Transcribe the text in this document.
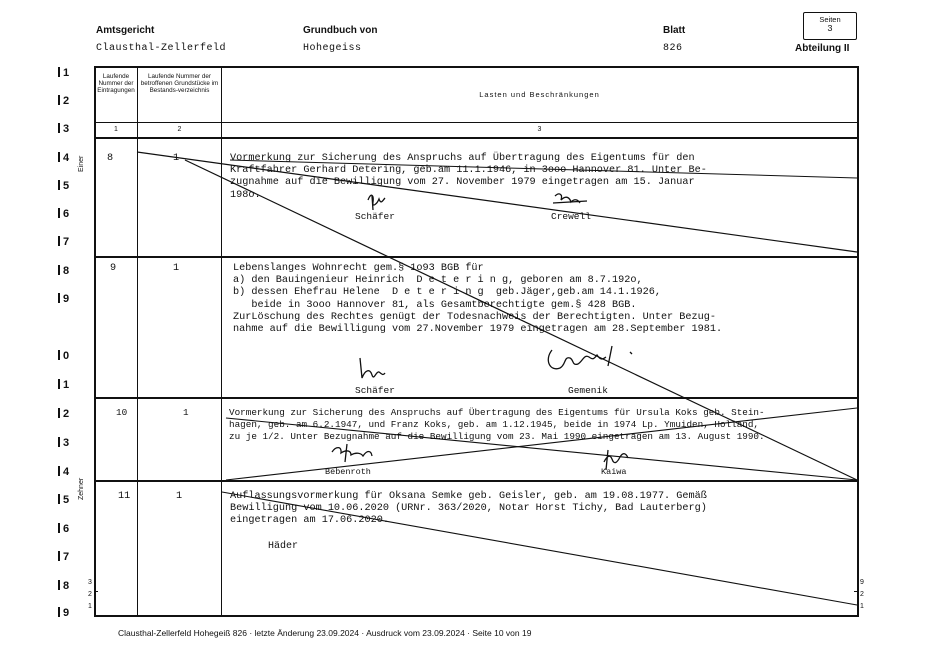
Amtsgericht
Clausthal-Zellerfeld
Grundbuch von
Hohegeiss
Blatt
826	Abteilung II
Seiten
3
1
2
3
4
5
6
7
8
9
0
1
2
3
4
5
6
7
8
9
3
2
1
9
2
1
Einer
Zehner
Laufende Nummer der Eintragungen
Laufende Nummer der betroffenen Grundstücke im Bestands-verzeichnis	Lasten und Beschränkungen
1	2	3
8	1	Vormerkung zur Sicherung des Anspruchs auf Übertragung des Eigentums für den
Kraftfahrer Gerhard Detering, geb.am 11.1.1946, in 3ooo Hannover 81. Unter Be-
zugnahme auf die Bewilligung vom 27. November 1979 eingetragen am 15. Januar
198o.
Schäfer	Crewell
9	1	Lebenslanges Wohnrecht gem.§ 1o93 BGB für
a) den Bauingenieur Heinrich  D e t e r i n g, geboren am 8.7.192o,
b) dessen Ehefrau Helene  D e t e r i n g  geb.Jäger,geb.am 14.1.1926,
beide in 3ooo Hannover 81, als Gesamtberechtigte gem.§ 428 BGB.
ZurLöschung des Rechtes genügt der Todesnachweis der Berechtigten. Unter Bezug-
nahme auf die Bewilligung vom 27.November 1979 eingetragen am 28.September 1981.
Schäfer	Gemenik
10	1	Vormerkung zur Sicherung des Anspruchs auf Übertragung des Eigentums für Ursula Koks geb. Stein-
hagen, geb. am 6.2.1947, und Franz Koks, geb. am 1.12.1945, beide in 1974 Lp. Ymuiden, Holland,
zu je 1/2. Unter Bezugnahme auf die Bewilligung vom 23. Mai 1990 eingetragen am 13. August 1990.
Bebenroth	Kaiwa
11	1	Auflassungsvormerkung für Oksana Semke geb. Geisler, geb. am 19.08.1977. Gemäß
Bewilligung vom 10.06.2020 (URNr. 363/2020, Notar Horst Tichy, Bad Lauterberg)
eingetragen am 17.06.2020.
Häder
Clausthal-Zellerfeld Hohegeiß 826 · letzte Änderung 23.09.2024 · Ausdruck vom 23.09.2024 · Seite 10 von 19
